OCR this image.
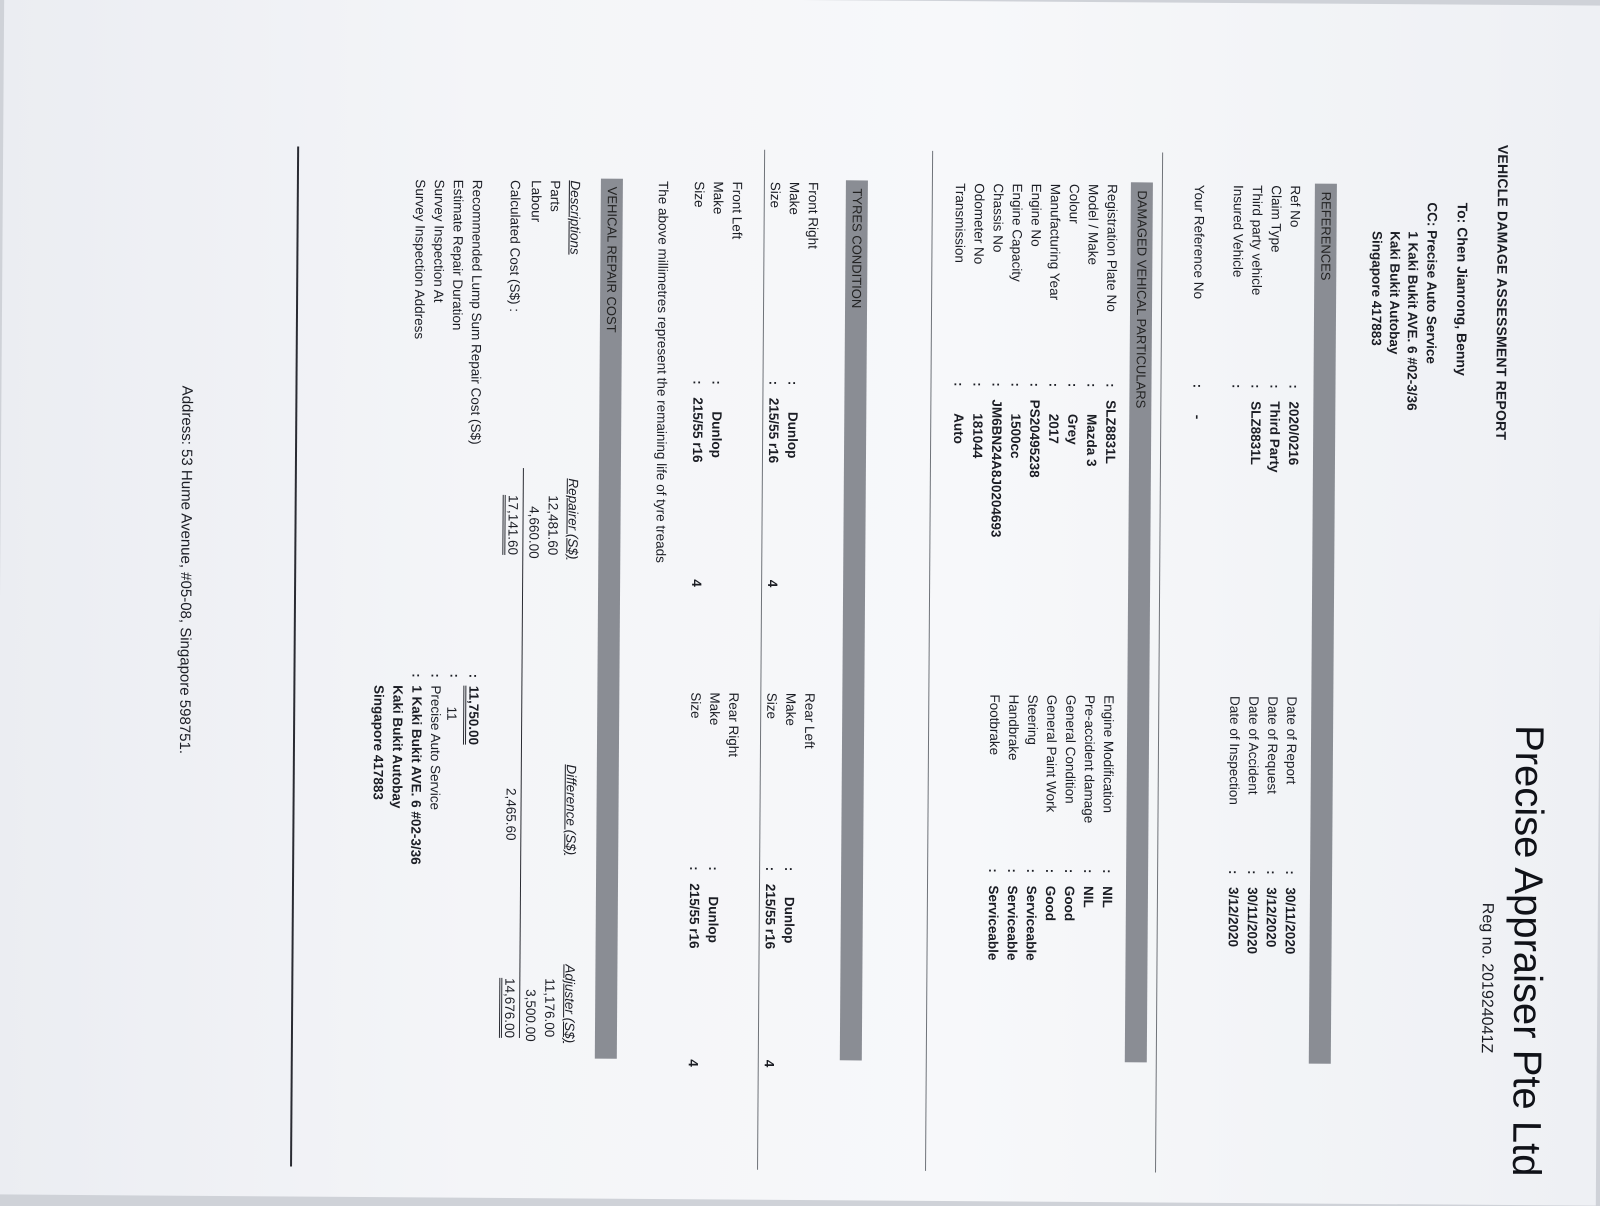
Precise Appraiser Pte Ltd
Reg no. 201924041Z
VEHICLE DAMAGE ASSESSMENT REPORT
To: Chen Jianrong, Benny
CC: Precise Auto Service
1 Kaki Bukit AVE. 6 #02-3/36
Kaki Bukit Autobay
Singapore 417883
REFERENCES
Ref No
:
2020/0216
Claim Type
:
Third Party
Third party vehicle
:
SLZ8831L
Insured Vehicle
:
Date of Report
:
30/11/2020
Date of Request
:
3/12/2020
Date of Accident
:
30/11/2020
Date of Inspection
:
3/12/2020
Your Reference No
:
-
DAMAGED VEHICAL PARTICULARS
Registration Plate No
:
SLZ8831L
Model / Make
:
Mazda 3
Colour
:
Grey
Manufacturing Year
:
2017
Engine No
:
PS20495238
Engine Capacity
:
1500cc
Chassis No
:
JM6BN24A8J0204693
Odometer No
:
181044
Transmission
:
Auto
Engine Modification
:
NIL
Pre-accident damage
:
NIL
General Condition
:
Good
General Paint Work
:
Good
Steering
:
Serviceable
Handbrake
:
Serviceable
Footbrake
:
Serviceable
TYRES CONDITION
Front Right
Make
:
Dunlop
Size
:
215/55 r16
4
Rear Left
Make
:
Dunlop
Size
:
215/55 r16
4
Front Left
Make
:
Dunlop
Size
:
215/55 r16
4
Rear Right
Make
:
Dunlop
Size
:
215/55 r16
4
The above millimetres represent the remaining life of tyre treads
VEHICAL REPAIR COST
Descriptions
Repairer (S$)
Difference (S$)
Adjuster (S$)
Parts
12,481.60
11,176.00
Labour
4,660.00
3,500.00
Calculated Cost (S$) :
17,141.60
2,465.60
14,676.00
Recommended Lump Sum Repair Cost (S$)
:
11,750.00
Estimate Repair Duration
:
11
Survey Inspection At
:
Precise Auto Service
Survey Inspection Address
:
1 Kaki Bukit AVE. 6 #02-3/36
Kaki Bukit Autobay
Singapore 417883
Address: 53 Hume Avenue, #05-08, Singapore 598751.
